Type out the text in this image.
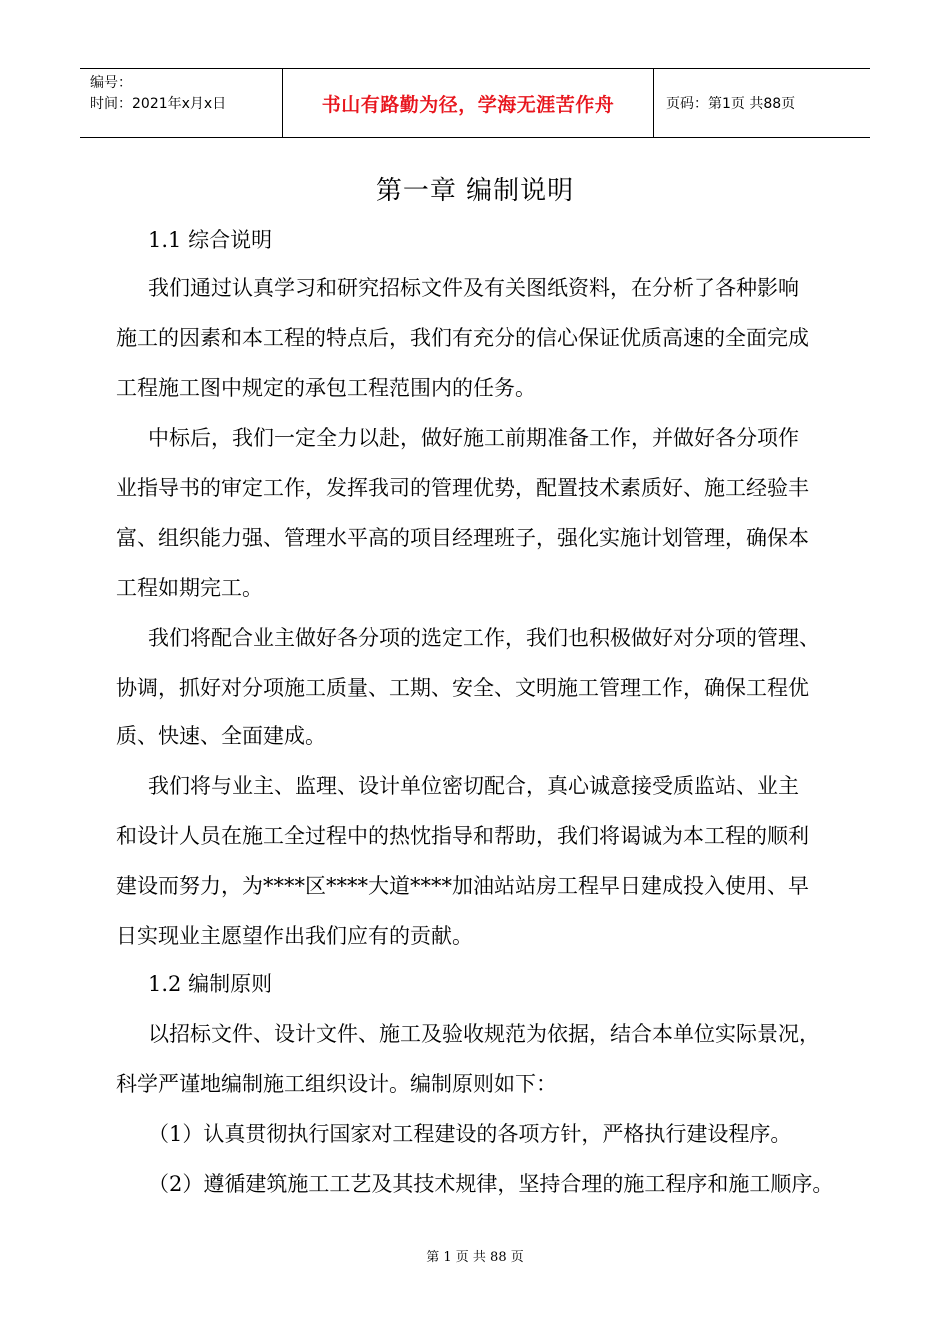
编号：
时间：2021年x月x日	书山有路勤为径，学海无涯苦作舟	页码：第1页 共88页
第一章 编制说明
1.1 综合说明
我们通过认真学习和研究招标文件及有关图纸资料，在分析了各种影响
施工的因素和本工程的特点后，我们有充分的信心保证优质高速的全面完成
工程施工图中规定的承包工程范围内的任务。
中标后，我们一定全力以赴，做好施工前期准备工作，并做好各分项作
业指导书的审定工作，发挥我司的管理优势，配置技术素质好、施工经验丰
富、组织能力强、管理水平高的项目经理班子，强化实施计划管理，确保本
工程如期完工。
我们将配合业主做好各分项的选定工作，我们也积极做好对分项的管理、
协调，抓好对分项施工质量、工期、安全、文明施工管理工作，确保工程优
质、快速、全面建成。
我们将与业主、监理、设计单位密切配合，真心诚意接受质监站、业主
和设计人员在施工全过程中的热忱指导和帮助，我们将谒诚为本工程的顺利
建设而努力，为****区****大道****加油站站房工程早日建成投入使用、早
日实现业主愿望作出我们应有的贡献。
1.2 编制原则
以招标文件、设计文件、施工及验收规范为依据，结合本单位实际景况，
科学严谨地编制施工组织设计。编制原则如下：
（1）认真贯彻执行国家对工程建设的各项方针，严格执行建设程序。
（2）遵循建筑施工工艺及其技术规律，坚持合理的施工程序和施工顺序。
第 1 页 共 88 页
